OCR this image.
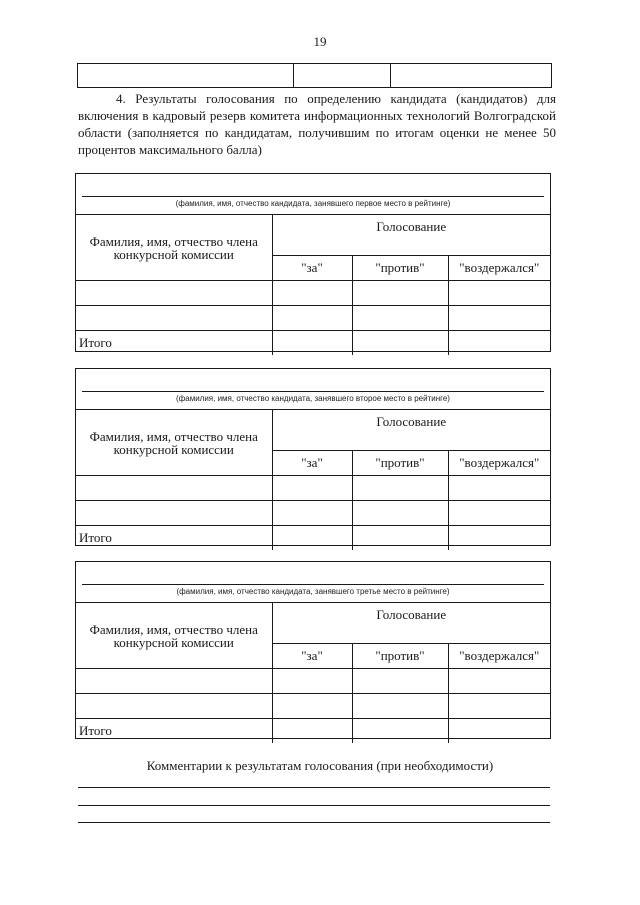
19

4. Результаты голосования по определению кандидата (кандидатов) для включения в кадровый резерв комитета информационных технологий Волгоградской области (заполняется по кандидатам, получившим по итогам оценки не менее 50 процентов максимального балла)

(фамилия, имя, отчество кандидата, занявшего первое место в рейтинге)
Фамилия, имя, отчество члена конкурсной комиссии	Голосование		
	"за"	"против"	"воздержался"

Итого			
(фамилия, имя, отчество кандидата, занявшего второе место в рейтинге)
Фамилия, имя, отчество члена конкурсной комиссии	Голосование		
	"за"	"против"	"воздержался"

Итого			
(фамилия, имя, отчество кандидата, занявшего третье место в рейтинге)
Фамилия, имя, отчество члена конкурсной комиссии	Голосование		
	"за"	"против"	"воздержался"

Итого			
Комментарии к результатам голосования (при необходимости)
